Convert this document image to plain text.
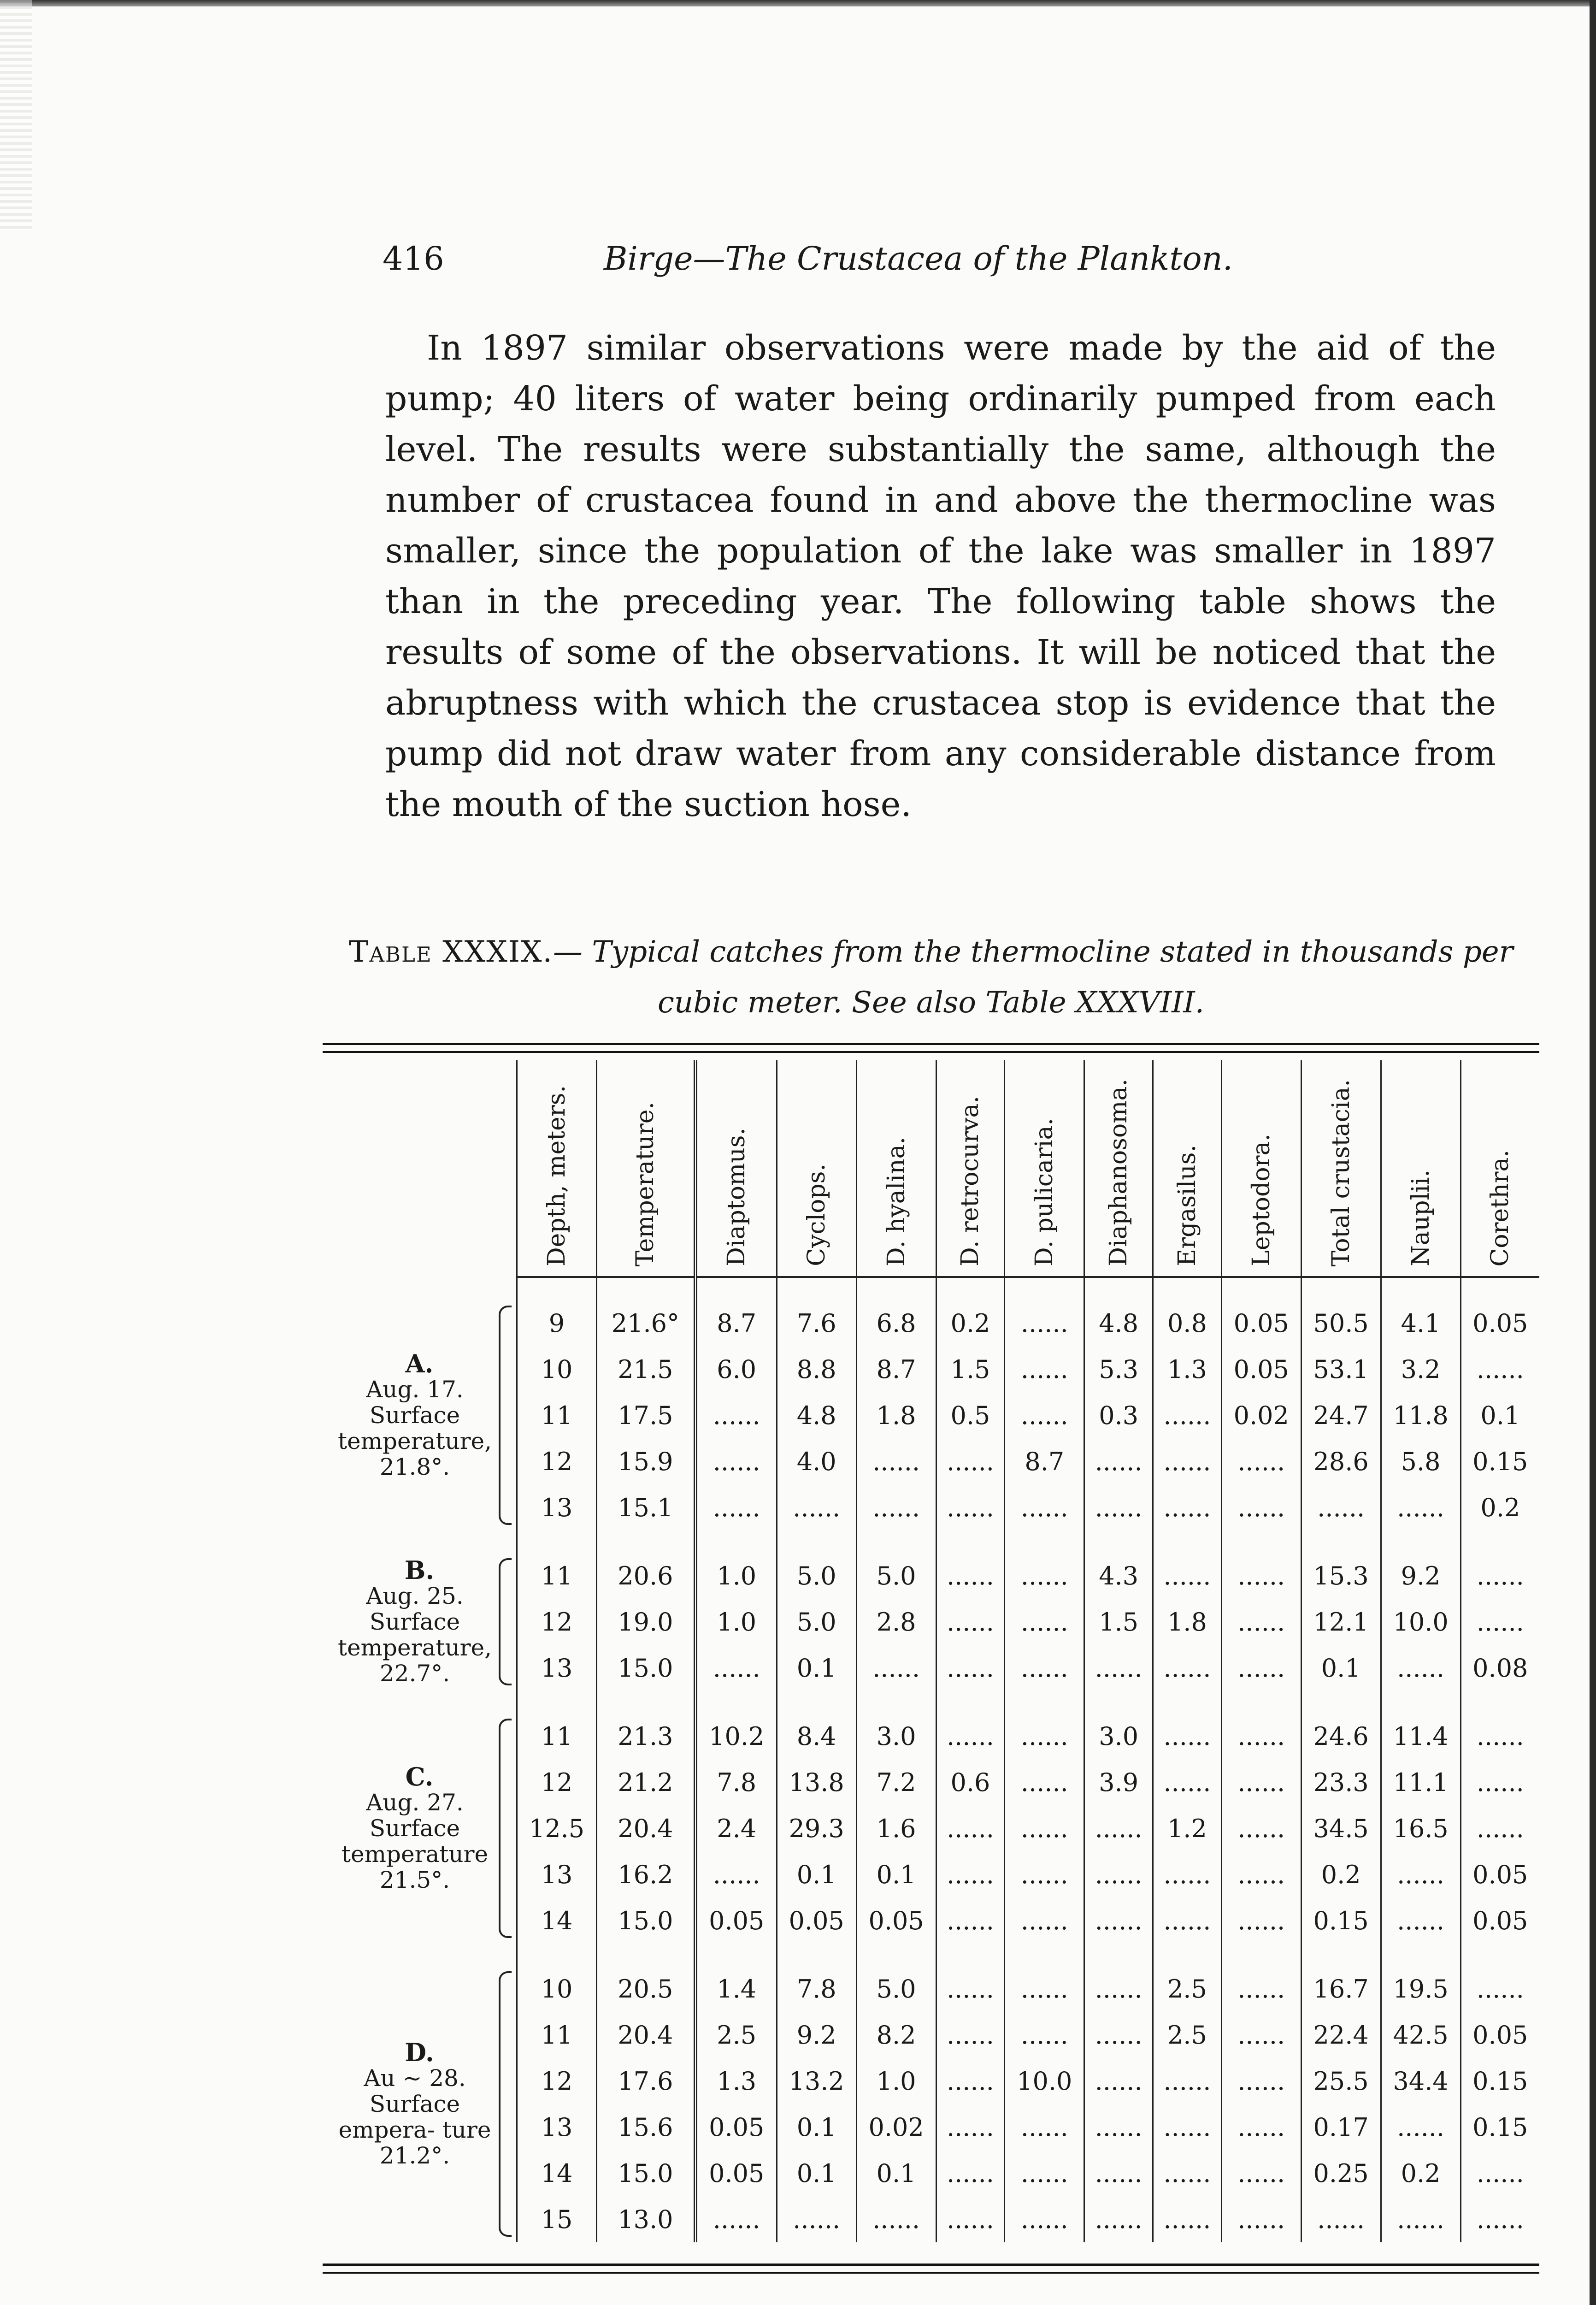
416	Birge—The Crustacea of the Plankton.

In 1897 similar observations were made by the aid of the pump; 40 liters of water being ordinarily pumped from each level. The results were substantially the same, although the number of crustacea found in and above the thermocline was smaller, since the population of the lake was smaller in 1897 than in the preceding year. The following table shows the results of some of the observations. It will be noticed that the abruptness with which the crustacea stop is evidence that the pump did not draw water from any considerable distance from the mouth of the suction hose.

Table XXXIX.— Typical catches from the thermocline stated in thousands per
cubic meter. See also Table XXXVIII.
	Depth, meters.	Temperature.	Diaptomus.	Cyclops.	D. hyalina.	D. retrocurva.	D. pulicaria.	Diaphanosoma.	Ergasilus.	Leptodora.	Total crustacia.	Nauplii.	Corethra.

A.
Aug. 17. Surface temperature, 21.8°.	9	21.6°	8.7	7.6	6.8	0.2	......	4.8	0.8	0.05	50.5	4.1	0.05
	10	21.5	6.0	8.8	8.7	1.5	......	5.3	1.3	0.05	53.1	3.2	......
	11	17.5	......	4.8	1.8	0.5	......	0.3	......	0.02	24.7	11.8	0.1
	12	15.9	......	4.0	......	......	8.7	......	......	......	28.6	5.8	0.15
	13	15.1	......	......	......	......	......	......	......	......	......	......	0.2

B.
Aug. 25. Surface temperature, 22.7°.	11	20.6	1.0	5.0	5.0	......	......	4.3	......	......	15.3	9.2	......
	12	19.0	1.0	5.0	2.8	......	......	1.5	1.8	......	12.1	10.0	......
	13	15.0	......	0.1	......	......	......	......	......	......	0.1	......	0.08

C.
Aug. 27. Surface temperature 21.5°.	11	21.3	10.2	8.4	3.0	......	......	3.0	......	......	24.6	11.4	......
	12	21.2	7.8	13.8	7.2	0.6	......	3.9	......	......	23.3	11.1	......
	12.5	20.4	2.4	29.3	1.6	......	......	......	1.2	......	34.5	16.5	......
	13	16.2	......	0.1	0.1	......	......	......	......	......	0.2	......	0.05
	14	15.0	0.05	0.05	0.05	......	......	......	......	......	0.15	......	0.05

D.
Au ~ 28. Surface empera- ture 21.2°.	10	20.5	1.4	7.8	5.0	......	......	......	2.5	......	16.7	19.5	......
	11	20.4	2.5	9.2	8.2	......	......	......	2.5	......	22.4	42.5	0.05
	12	17.6	1.3	13.2	1.0	......	10.0	......	......	......	25.5	34.4	0.15
	13	15.6	0.05	0.1	0.02	......	......	......	......	......	0.17	......	0.15
	14	15.0	0.05	0.1	0.1	......	......	......	......	......	0.25	0.2	......
	15	13.0	......	......	......	......	......	......	......	......	......	......	......
